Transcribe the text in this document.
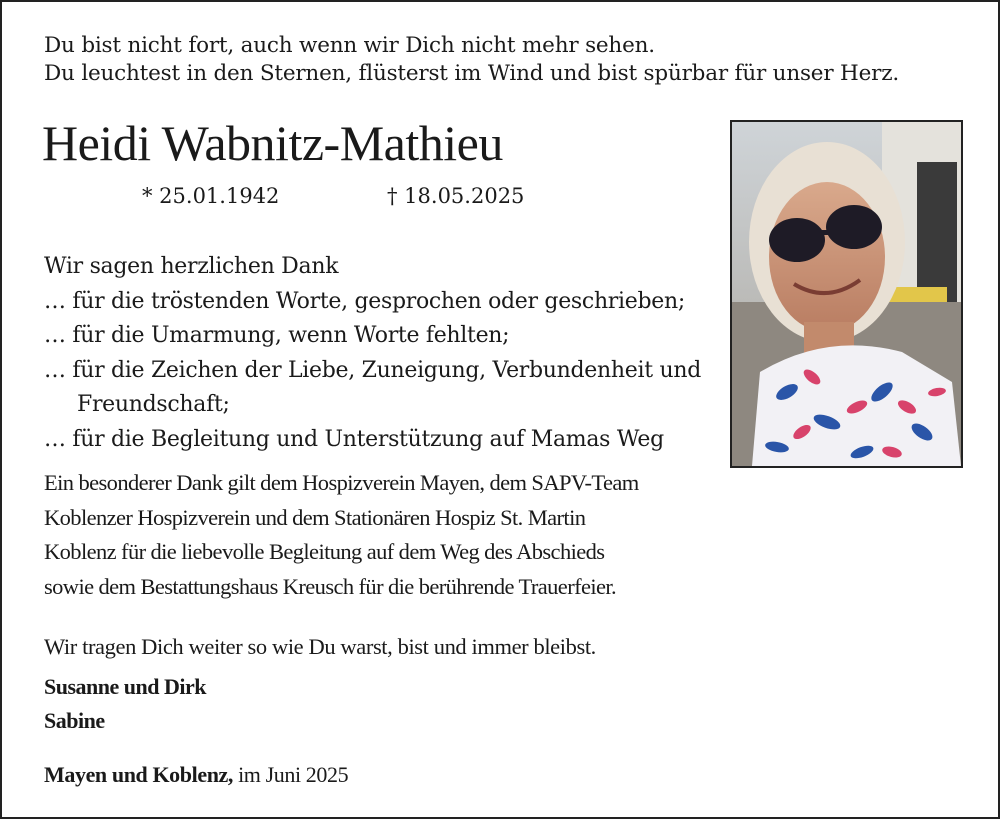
Du bist nicht fort, auch wenn wir Dich nicht mehr sehen.
Du leuchtest in den Sternen, flüsterst im Wind und bist spürbar für unser Herz.
Heidi Wabnitz-Mathieu
* 25.01.1942	† 18.05.2025
Wir sagen herzlichen Dank
… für die tröstenden Worte, gesprochen oder geschrieben;
… für die Umarmung, wenn Worte fehlten;
… für die Zeichen der Liebe, Zuneigung, Verbundenheit und
Freundschaft;
… für die Begleitung und Unterstützung auf Mamas Weg
Ein besonderer Dank gilt dem Hospizverein Mayen, dem SAPV-Team
Koblenzer Hospizverein und dem Stationären Hospiz St. Martin
Koblenz für die liebevolle Begleitung auf dem Weg des Abschieds
sowie dem Bestattungshaus Kreusch für die berührende Trauerfeier.
Wir tragen Dich weiter so wie Du warst, bist und immer bleibst.
Susanne und Dirk
Sabine
Mayen und Koblenz, im Juni 2025
